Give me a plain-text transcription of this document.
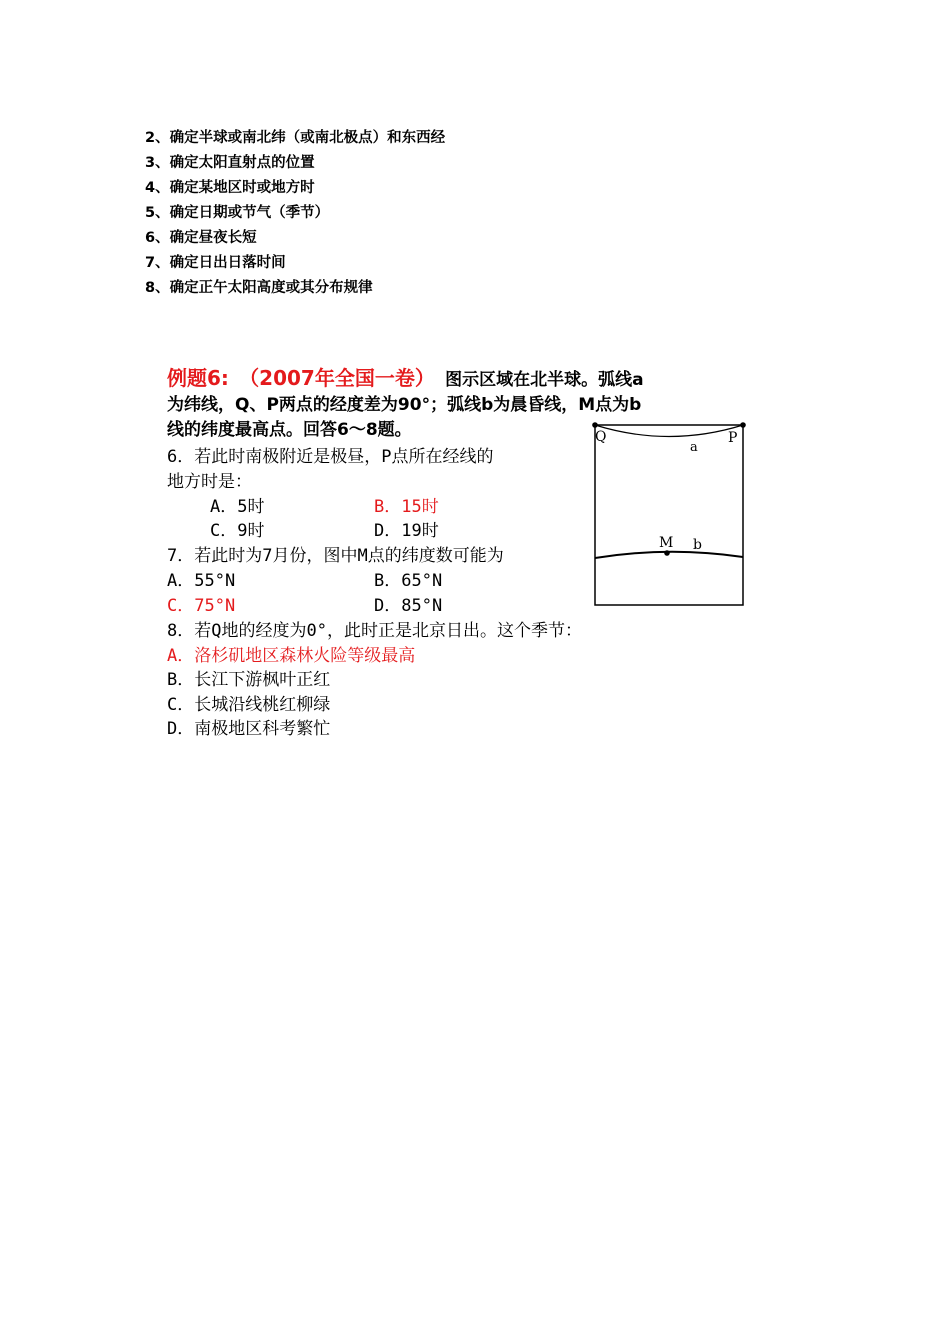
2、确定半球或南北纬（或南北极点）和东西经
3、确定太阳直射点的位置
4、确定某地区时或地方时
5、确定日期或节气（季节）
6、确定昼夜长短
7、确定日出日落时间
8、确定正午太阳高度或其分布规律
例题6: （2007年全国一卷） 图示区域在北半球。弧线a
为纬线，Q、P两点的经度差为90°；弧线b为晨昏线，M点为b
线的纬度最高点。回答6～8题。
6．若此时南极附近是极昼，P点所在经线的
地方时是：
A．5时	B．15时
C．9时	D．19时
7．若此时为7月份，图中M点的纬度数可能为
A．55°N	B．65°N
C．75°N	D．85°N
8．若Q地的经度为0°，此时正是北京日出。这个季节：
A．洛杉矶地区森林火险等级最高
B．长江下游枫叶正红
C．长城沿线桃红柳绿
D．南极地区科考繁忙
Q	P
a
M b
